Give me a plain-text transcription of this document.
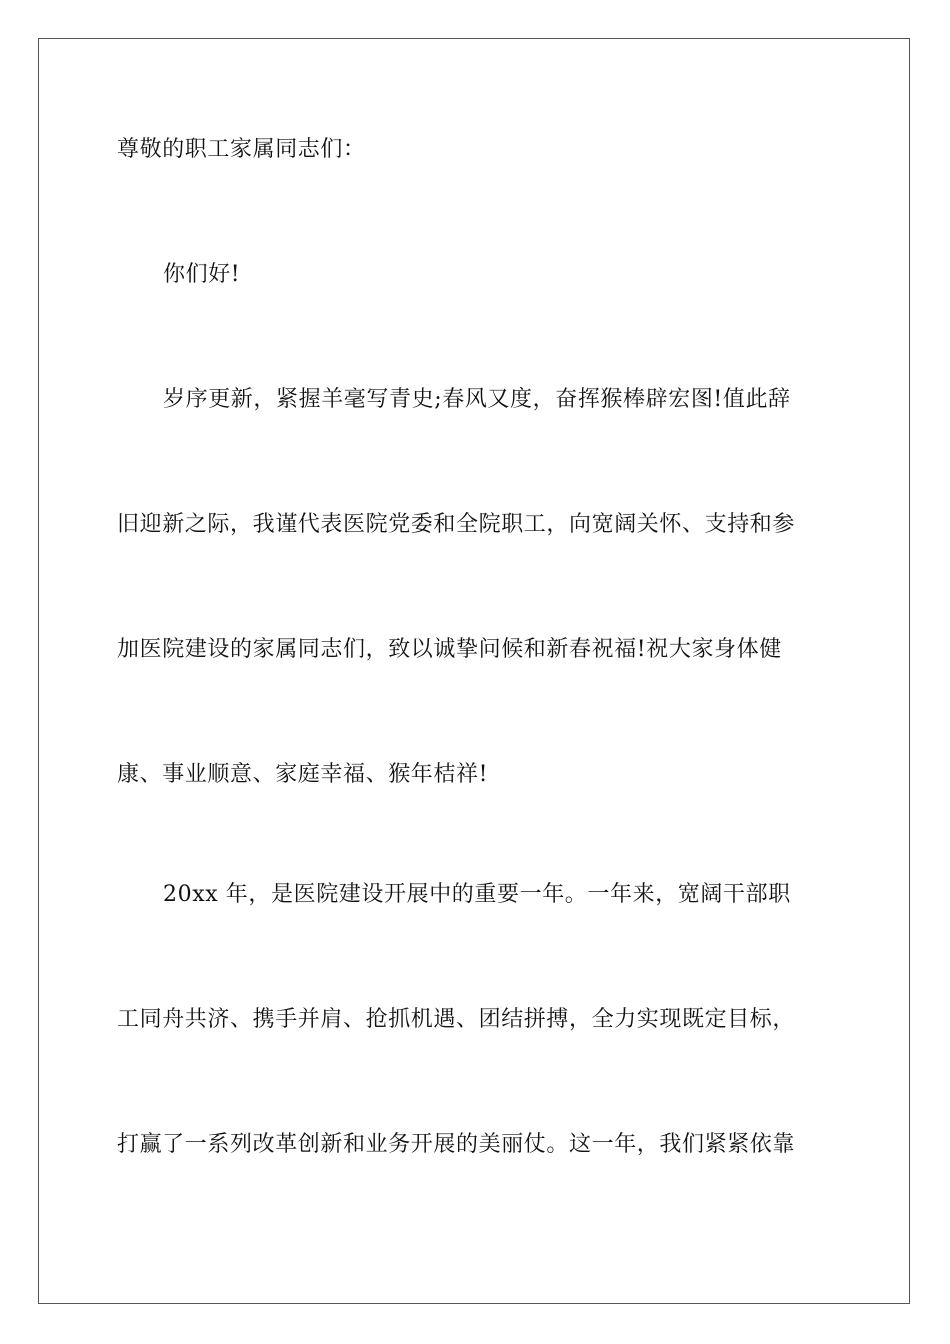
尊敬的职工家属同志们：
你们好!
岁序更新，紧握羊毫写青史;春风又度，奋挥猴棒辟宏图!值此辞
旧迎新之际，我谨代表医院党委和全院职工，向宽阔关怀、支持和参
加医院建设的家属同志们，致以诚挚问候和新春祝福!祝大家身体健
康、事业顺意、家庭幸福、猴年桔祥!
20xx 年，是医院建设开展中的重要一年。一年来，宽阔干部职
工同舟共济、携手并肩、抢抓机遇、团结拼搏，全力实现既定目标，
打赢了一系列改革创新和业务开展的美丽仗。这一年，我们紧紧依靠
